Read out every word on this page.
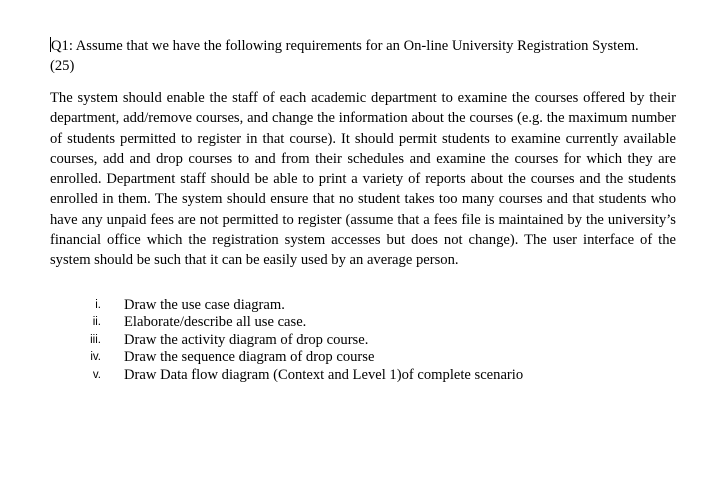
Q1: Assume that we have the following requirements for an On-line University Registration System.
(25)

The system should enable the staff of each academic department to examine the courses offered by their department, add/remove courses, and change the information about the courses (e.g. the maximum number of students permitted to register in that course). It should permit students to examine currently available courses, add and drop courses to and from their schedules and examine the courses for which they are enrolled. Department staff should be able to print a variety of reports about the courses and the students enrolled in them. The system should ensure that no student takes too many courses and that students who have any unpaid fees are not permitted to register (assume that a fees file is maintained by the university’s financial office which the registration system accesses but does not change). The user interface of the system should be such that it can be easily used by an average person.

i.	Draw the use case diagram.
ii.	Elaborate/describe all use case.
iii.	Draw the activity diagram of drop course.
iv.	Draw the sequence diagram of drop course
v.	Draw Data flow diagram (Context and Level 1)of complete scenario
